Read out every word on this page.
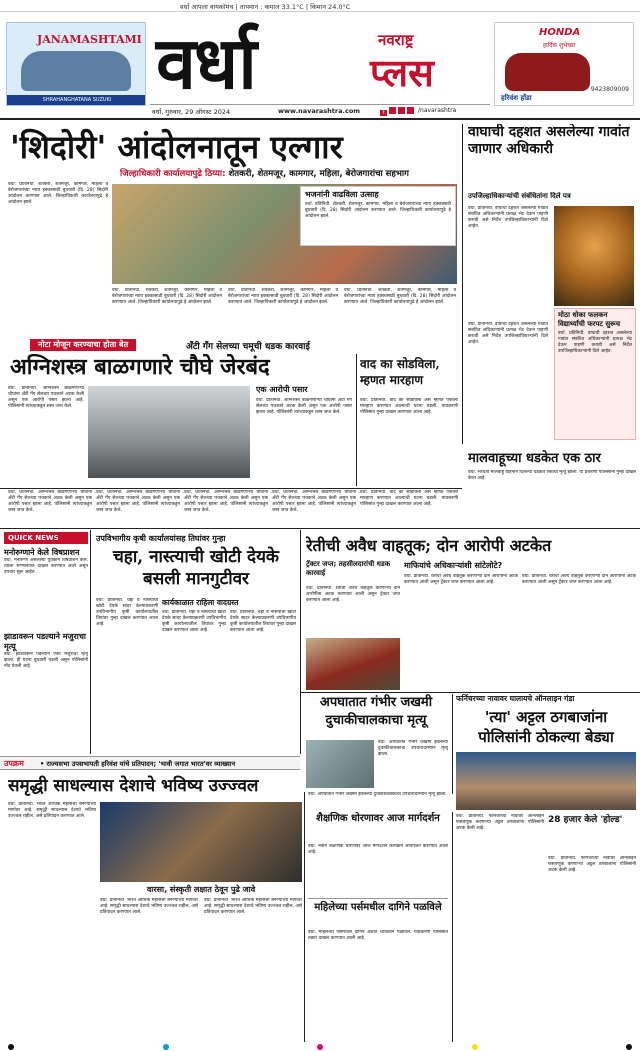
वर्धा आपला वायकॉमंच | तापमान : कमाल 33.1°C | किमान 24.0°C
JANAMASHTAMI
SHRAHANGHATANA SUZUKI
HONDA
हार्दिक शुभेच्छा
हरिवंश होंडा
9423809009
वर्धा	नवराष्ट्र
प्लस
वर्धा, गुरुवार, 29 ऑगस्ट 2024	www.navarashtra.com	f	/navarashtra
'शिदोरी' आंदोलनातून एल्गार
जिल्हाधिकारी कार्यालयापुढे ठिय्या: शेतकरी, शेतमजूर, कामगार, महिला, बेरोजगारांचा सहभाग
वर्धा. प्रतिनिधी. शेतकरी, शेतमजूर, कामगार, महिला व बेरोजगारांच्या न्याय हक्कासाठी बुधवारी (दि. 28) सिदोरी आंदोलन करण्यात आले. जिल्हाधिकारी कार्यालयापुढे हे आंदोलन झाले.
भजनांनी वाढविला उत्साह
वर्धा. प्रतिनिधी. शेतकरी, शेतमजूर, कामगार, महिला व बेरोजगारांच्या न्याय हक्कासाठी बुधवारी (दि. 28) सिदोरी आंदोलन करण्यात आले. जिल्हाधिकारी कार्यालयापुढे हे आंदोलन झाले.
वर्धा. प्रतिनिधी. शेतकरी, शेतमजूर, कामगार, महिला व बेरोजगारांच्या न्याय हक्कासाठी बुधवारी (दि. 28) सिदोरी आंदोलन करण्यात आले. जिल्हाधिकारी कार्यालयापुढे हे आंदोलन झाले.
वर्धा. प्रतिनिधी. शेतकरी, शेतमजूर, कामगार, महिला व बेरोजगारांच्या न्याय हक्कासाठी बुधवारी (दि. 28) सिदोरी आंदोलन करण्यात आले. जिल्हाधिकारी कार्यालयापुढे हे आंदोलन झाले.
वर्धा. प्रतिनिधी. शेतकरी, शेतमजूर, कामगार, महिला व बेरोजगारांच्या न्याय हक्कासाठी बुधवारी (दि. 28) सिदोरी आंदोलन करण्यात आले. जिल्हाधिकारी कार्यालयापुढे हे आंदोलन झाले.
वाघाची दहशत असलेल्या गावांत जाणार अधिकारी
उपजिल्हाधिकाऱ्यांची संबंधितांना दिले पत्र
वर्धा. प्रतिनिधी. वाघाची दहशत असलेल्या गावांत संबंधित अधिकाऱ्यांनी प्रत्यक्ष भेट देऊन पाहणी करावी असे निर्देश उपजिल्हाधिकाऱ्यांनी दिले आहेत.
मोठा धोका फलकन विद्यार्थ्यांची फरपट सुरूच
वर्धा. प्रतिनिधी. वाघाची दहशत असलेल्या गावांत संबंधित अधिकाऱ्यांनी प्रत्यक्ष भेट देऊन पाहणी करावी असे निर्देश उपजिल्हाधिकाऱ्यांनी दिले आहेत.
वर्धा. प्रतिनिधी. वाघाची दहशत असलेल्या गावांत संबंधित अधिकाऱ्यांनी प्रत्यक्ष भेट देऊन पाहणी करावी असे निर्देश उपजिल्हाधिकाऱ्यांनी दिले आहेत.
नोटा मोजून करण्याचा होता बेत	ॲंटी गँग सेलच्या चमूची धडक कारवाई
अग्निशस्त्र बाळगणारे चौघे जेरबंद
वर्धा. प्रतिनिधी. अग्निशस्त्र बाळगणाऱ्या चौघांना ॲंटी गँग सेलच्या पथकाने अटक केली असून एक आरोपी पसार झाला आहे. पोलिसांनी त्यांच्याकडून शस्त्र जप्त केले.
एक आरोपी पसार
वर्धा. प्रतिनिधी. अग्निशस्त्र बाळगणाऱ्या चौघांना ॲंटी गँग सेलच्या पथकाने अटक केली असून एक आरोपी पसार झाला आहे. पोलिसांनी त्यांच्याकडून शस्त्र जप्त केले.
वाद का सोडविला, म्हणत मारहाण
वर्धा. प्रतिनिधी. वाद का सोडविला असे म्हणत एकाला मारहाण करण्यात आल्याची घटना घडली. याप्रकरणी पोलिसांत गुन्हा दाखल करण्यात आला आहे.
वर्धा. प्रतिनिधी. अग्निशस्त्र बाळगणाऱ्या चौघांना ॲंटी गँग सेलच्या पथकाने अटक केली असून एक आरोपी पसार झाला आहे. पोलिसांनी त्यांच्याकडून शस्त्र जप्त केले.
वर्धा. प्रतिनिधी. अग्निशस्त्र बाळगणाऱ्या चौघांना ॲंटी गँग सेलच्या पथकाने अटक केली असून एक आरोपी पसार झाला आहे. पोलिसांनी त्यांच्याकडून शस्त्र जप्त केले.
वर्धा. प्रतिनिधी. अग्निशस्त्र बाळगणाऱ्या चौघांना ॲंटी गँग सेलच्या पथकाने अटक केली असून एक आरोपी पसार झाला आहे. पोलिसांनी त्यांच्याकडून शस्त्र जप्त केले.
वर्धा. प्रतिनिधी. अग्निशस्त्र बाळगणाऱ्या चौघांना ॲंटी गँग सेलच्या पथकाने अटक केली असून एक आरोपी पसार झाला आहे. पोलिसांनी त्यांच्याकडून शस्त्र जप्त केले.
वर्धा. प्रतिनिधी. वाद का सोडविला असे म्हणत एकाला मारहाण करण्यात आल्याची घटना घडली. याप्रकरणी पोलिसांत गुन्हा दाखल करण्यात आला आहे.
मालवाहूच्या धडकेत एक ठार
वर्धा. भरधाव मालवाहू वाहनाने दिलेल्या धडकेत एकाचा मृत्यू झाला. या प्रकरणी पोलिसांनी गुन्हा दाखल केला आहे.
QUICK NEWS
मनोरुग्णाने केले विषप्राशन
वर्धा. मनोरुग्ण असलेल्या युवकाने विषप्राशन केले. त्याला रुग्णालयात दाखल करण्यात आले असून उपचार सुरू आहेत.
झाडावरून पडल्याने मजुराचा मृत्यू
वर्धा. झाडावरून पडल्याने एका मजुराचा मृत्यू झाला. ही घटना बुधवारी घडली असून पोलिसांनी नोंद घेतली आहे.
उपविभागीय कृषी कार्यालयांसह तिघांवर गुन्हा
चहा, नास्त्याची खोटी देयके बसली मानगुटीवर
वर्धा. प्रतिनिधी. चहा व नास्त्याची खोटी देयके सादर केल्याप्रकरणी उपविभागीय कृषी कार्यालयातील तिघांवर गुन्हा दाखल करण्यात आला आहे.
कार्यकाळात राहिला वादग्रस्त
वर्धा. प्रतिनिधी. चहा व नास्त्याची खोटी देयके सादर केल्याप्रकरणी उपविभागीय कृषी कार्यालयातील तिघांवर गुन्हा दाखल करण्यात आला आहे.
वर्धा. प्रतिनिधी. चहा व नास्त्याची खोटी देयके सादर केल्याप्रकरणी उपविभागीय कृषी कार्यालयातील तिघांवर गुन्हा दाखल करण्यात आला आहे.
रेतीची अवैध वाहतूक; दोन आरोपी अटकेत
ट्रॅक्टर जप्त; तहसीलदारांची धडक कारवाई
माफियांचे अधिकाऱ्यांशी सांटेलोटे?
वर्धा. प्रतिनिधी. रेतीची अवैध वाहतूक करणाऱ्या दोन आरोपींना अटक करण्यात आली असून ट्रॅक्टर जप्त करण्यात आला आहे.
वर्धा. प्रतिनिधी. रेतीची अवैध वाहतूक करणाऱ्या दोन आरोपींना अटक करण्यात आली असून ट्रॅक्टर जप्त करण्यात आला आहे.
वर्धा. प्रतिनिधी. रेतीची अवैध वाहतूक करणाऱ्या दोन आरोपींना अटक करण्यात आली असून ट्रॅक्टर जप्त करण्यात आला आहे.
अपघातात गंभीर जखमी दुचाकीचालकाचा मृत्यू
वर्धा. अपघातात गंभीर जखमी झालेल्या दुचाकीचालकाचा उपचारादरम्यान मृत्यू झाला.
फर्निचरच्या नावावर घालायचे ऑनलाइन गंडा
'त्या' अट्टल ठगबाजांना पोलिसांनी ठोकल्या बेड्या
उपक्रम • राज्यसभा उपसभापती हरिवंश यांचे प्रतिपादन; 'भावी जगात भारत'वर व्याख्यान
समृद्धी साधल्यास देशाचे भविष्य उज्ज्वल
वर्धा. प्रतिनिधी. भारत आर्थिक महासत्ता बनण्याच्या मार्गावर आहे. समृद्धी साधल्यास देशाचे भविष्य उज्ज्वल राहील, असे प्रतिपादन करण्यात आले.
वारसा, संस्कृती लक्षात ठेवून पुढे जावे
वर्धा. प्रतिनिधी. भारत आर्थिक महासत्ता बनण्याच्या मार्गावर आहे. समृद्धी साधल्यास देशाचे भविष्य उज्ज्वल राहील, असे प्रतिपादन करण्यात आले.
वर्धा. प्रतिनिधी. भारत आर्थिक महासत्ता बनण्याच्या मार्गावर आहे. समृद्धी साधल्यास देशाचे भविष्य उज्ज्वल राहील, असे प्रतिपादन करण्यात आले.
वर्धा. अपघातात गंभीर जखमी झालेल्या दुचाकीचालकाचा उपचारादरम्यान मृत्यू झाला.
शैक्षणिक धोरणावर आज मार्गदर्शन
वर्धा. नवीन शैक्षणिक धोरणावर आज मार्गदर्शन कार्यक्रम आयोजित करण्यात आला आहे.
महिलेच्या पर्समधील दागिने पळविले
वर्धा. महिलेच्या पर्समधील दागिने अज्ञात चोरट्याने पळविले. याप्रकरणी पोलिसांत तक्रार दाखल करण्यात आली आहे.
वर्धा. प्रतिनिधी. फर्निचरच्या नावावर ऑनलाइन फसवणूक करणाऱ्या अट्टल ठगबाजांना पोलिसांनी अटक केली आहे.
28 हजार केले 'होल्ड'
वर्धा. प्रतिनिधी. फर्निचरच्या नावावर ऑनलाइन फसवणूक करणाऱ्या अट्टल ठगबाजांना पोलिसांनी अटक केली आहे.
